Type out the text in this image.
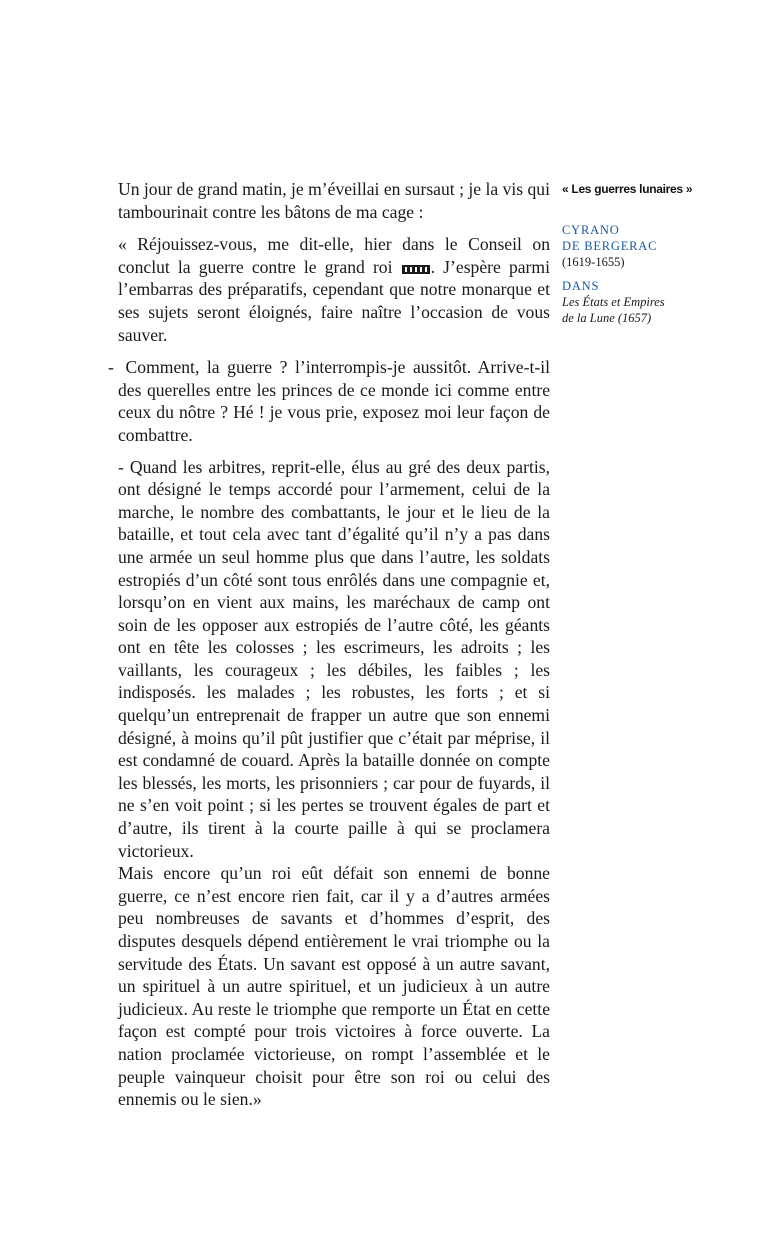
Un jour de grand matin, je m’éveillai en sursaut ; je la vis qui tambourinait contre les bâtons de ma cage :

« Réjouissez-vous, me dit-elle, hier dans le Conseil on conclut la guerre contre le grand roi . J’espère parmi l’embarras des préparatifs, cependant que notre monarque et ses sujets seront éloignés, faire naître l’occasion de vous sauver.

- Comment, la guerre ? l’interrompis-je aussitôt. Arrive-t-il des querelles entre les princes de ce monde ici comme entre ceux du nôtre ? Hé ! je vous prie, exposez moi leur façon de combattre.

- Quand les arbitres, reprit-elle, élus au gré des deux partis, ont désigné le temps accordé pour l’armement, celui de la marche, le nombre des combattants, le jour et le lieu de la bataille, et tout cela avec tant d’égalité qu’il n’y a pas dans une armée un seul homme plus que dans l’autre, les soldats estropiés d’un côté sont tous enrôlés dans une compagnie et, lorsqu’on en vient aux mains, les maréchaux de camp ont soin de les opposer aux estropiés de l’autre côté, les géants ont en tête les colosses ; les escrimeurs, les adroits ; les vaillants, les courageux ; les débiles, les faibles ; les indisposés. les malades ; les robustes, les forts ; et si quelqu’un entreprenait de frapper un autre que son ennemi désigné, à moins qu’il pût justifier que c’était par méprise, il est condamné de couard. Après la bataille donnée on compte les blessés, les morts, les prisonniers ; car pour de fuyards, il ne s’en voit point ; si les pertes se trouvent égales de part et d’autre, ils tirent à la courte paille à qui se proclamera victorieux.

Mais encore qu’un roi eût défait son ennemi de bonne guerre, ce n’est encore rien fait, car il y a d’autres armées peu nombreuses de savants et d’hommes d’esprit, des disputes desquels dépend entièrement le vrai triomphe ou la servitude des États. Un savant est opposé à un autre savant, un spirituel à un autre spirituel, et un judicieux à un autre judicieux. Au reste le triomphe que remporte un État en cette façon est compté pour trois victoires à force ouverte. La nation proclamée victorieuse, on rompt l’assemblée et le peuple vainqueur choisit pour être son roi ou celui des ennemis ou le sien.»

« Les guerres lunaires »
CYRANO
DE BERGERAC
(1619-1655)
DANS
Les États et Empires
de la Lune (1657)
